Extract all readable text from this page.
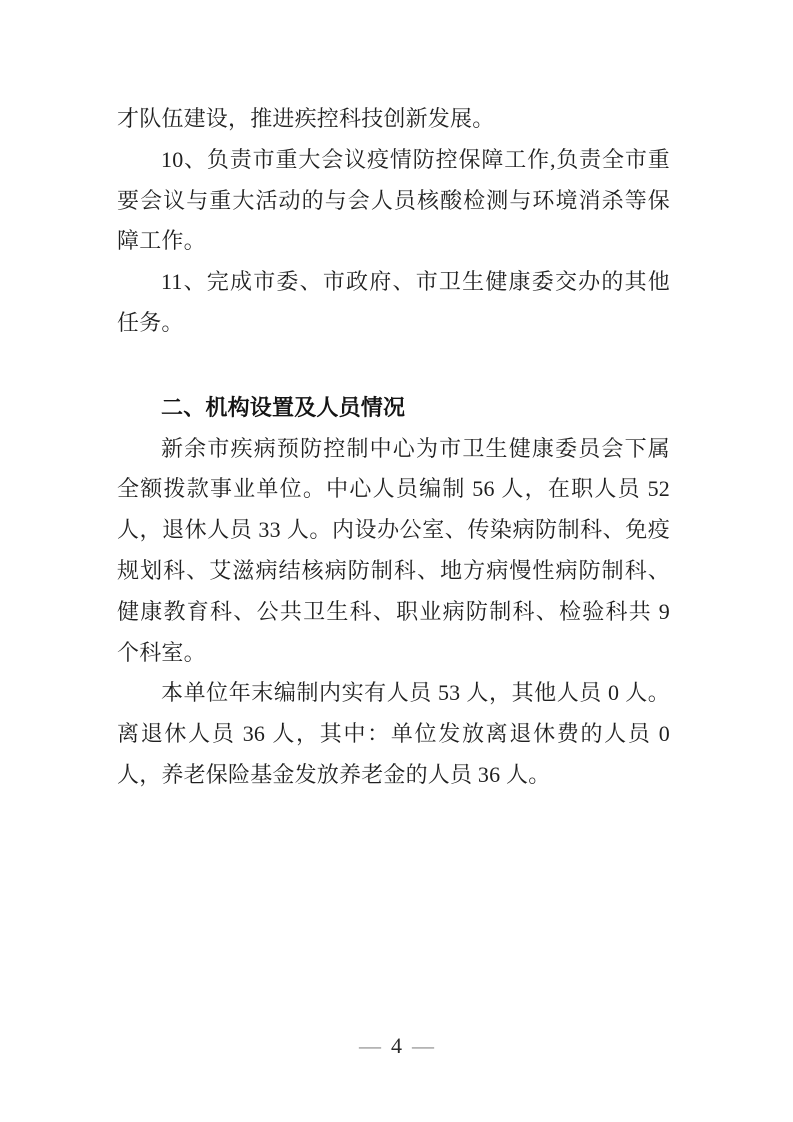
才队伍建设，推进疾控科技创新发展。

10、负责市重大会议疫情防控保障工作,负责全市重要会议与重大活动的与会人员核酸检测与环境消杀等保障工作。

11、完成市委、市政府、市卫生健康委交办的其他任务。

二、机构设置及人员情况

新余市疾病预防控制中心为市卫生健康委员会下属全额拨款事业单位。中心人员编制 56 人，在职人员 52 人，退休人员 33 人。内设办公室、传染病防制科、免疫规划科、艾滋病结核病防制科、地方病慢性病防制科、健康教育科、公共卫生科、职业病防制科、检验科共 9 个科室。

本单位年末编制内实有人员 53 人，其他人员 0 人。离退休人员 36 人，其中：单位发放离退休费的人员 0 人，养老保险基金发放养老金的人员 36 人。

— 4 —
